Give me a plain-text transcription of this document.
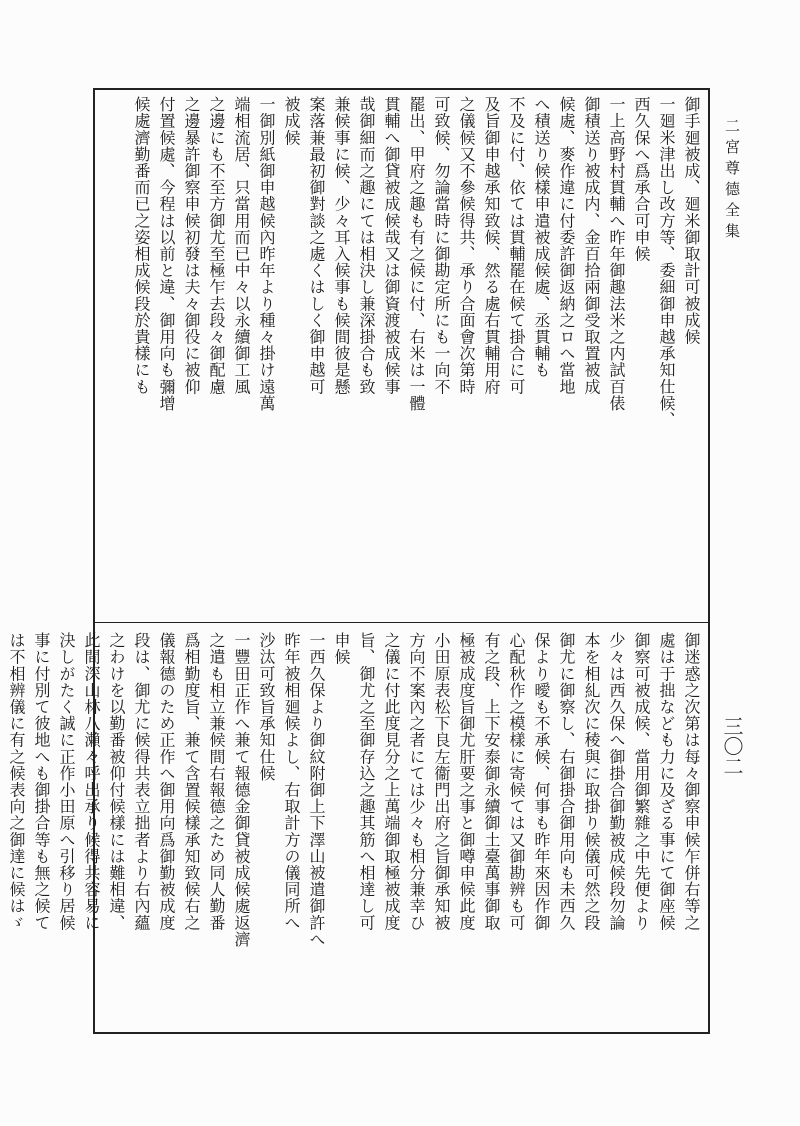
二宮尊德全集
三〇二
御手廻被成、廻米御取計可被成候
一廻米津出し改方等、委細御申越承知仕候、
西久保へ爲承合可申候
一上高野村貫輔へ昨年御趣法米之内試百俵
御積送り被成内、金百拾兩御受取置被成
候處、麥作違に付委許御返納之ロへ當地
へ積送り候樣申遣被成候處、丞貫輔も
不及に付、依ては貫輔罷在候て掛合に可
及旨御申越承知致候、然る處右貫輔用府
之儀候又不參候得共、承り合面會次第時
可致候、勿論當時に御勘定所にも一向不
罷出、甲府之趣も有之候に付、右米は一體
貫輔へ御貸被成候哉又は御資渡被成候事
哉御細而之趣にては相決し兼深掛合も致
兼候事に候、少々耳入候事も候間彼是懸
案落兼最初御對談之處くはしく御申越可
被成候
一御別紙御申越候內昨年より種々掛け遠萬
端相流居、只當用而已中々以永續御工風
之邊にも不至方御尤至極乍去段々御配慮
之邊暴許御察申候初發は夫々御役に被仰
付置候處、今程は以前と違、御用向も彌增
候處濟勤番而已之姿相成候段於貴樣にも
御迷惑之次第は每々御察申候乍併右等之
處は于拙なども力に及ざる事にて御座候
御察可被成候、當用御繁雜之中先便より
少々は西久保へ御掛合御勤被成候段勿論
本を相糺次に稜與に取掛り候儀可然之段
御尤に御察し、右御掛合御用向も未西久
保より曖も不承候、何事も昨年來因作御
心配秋作之模樣に寄候ては又御勘辨も可
有之段、上下安泰御永續御土臺萬事御取
極被成度旨御尤肝要之事と御噂申候此度
小田原表松下良左衞門出府之旨御承知被
方向不案內之者にては少々も相分兼幸ひ
之儀に付此度見分之上萬端御取極被成度
旨、御尤之至御存込之趣其筋へ相達し可
申候
一西久保より御紋附御上下澤山被遣御許へ
昨年被相廻候よし、右取計方の儀同所へ
沙汰可致旨承知仕候
一豐田正作へ兼て報德金御貸被成候處返濟
之遣も相立兼候間右報德之ため同人勤番
爲相勤度旨、兼て含置候樣承知致候右之
儀報德のため正作へ御用向爲御勤被成度
段は、御尤に候得共表立拙者より右內蘊
之わけを以勤番被仰付候樣には難相違、
此間深山林八瀨々呼出承り候得共容易に
決しがたく誠に正作小田原へ引移り居候
事に付別て彼地へも御掛合等も無之候て
は不相辨儀に有之候表向之御達に候はゞ
